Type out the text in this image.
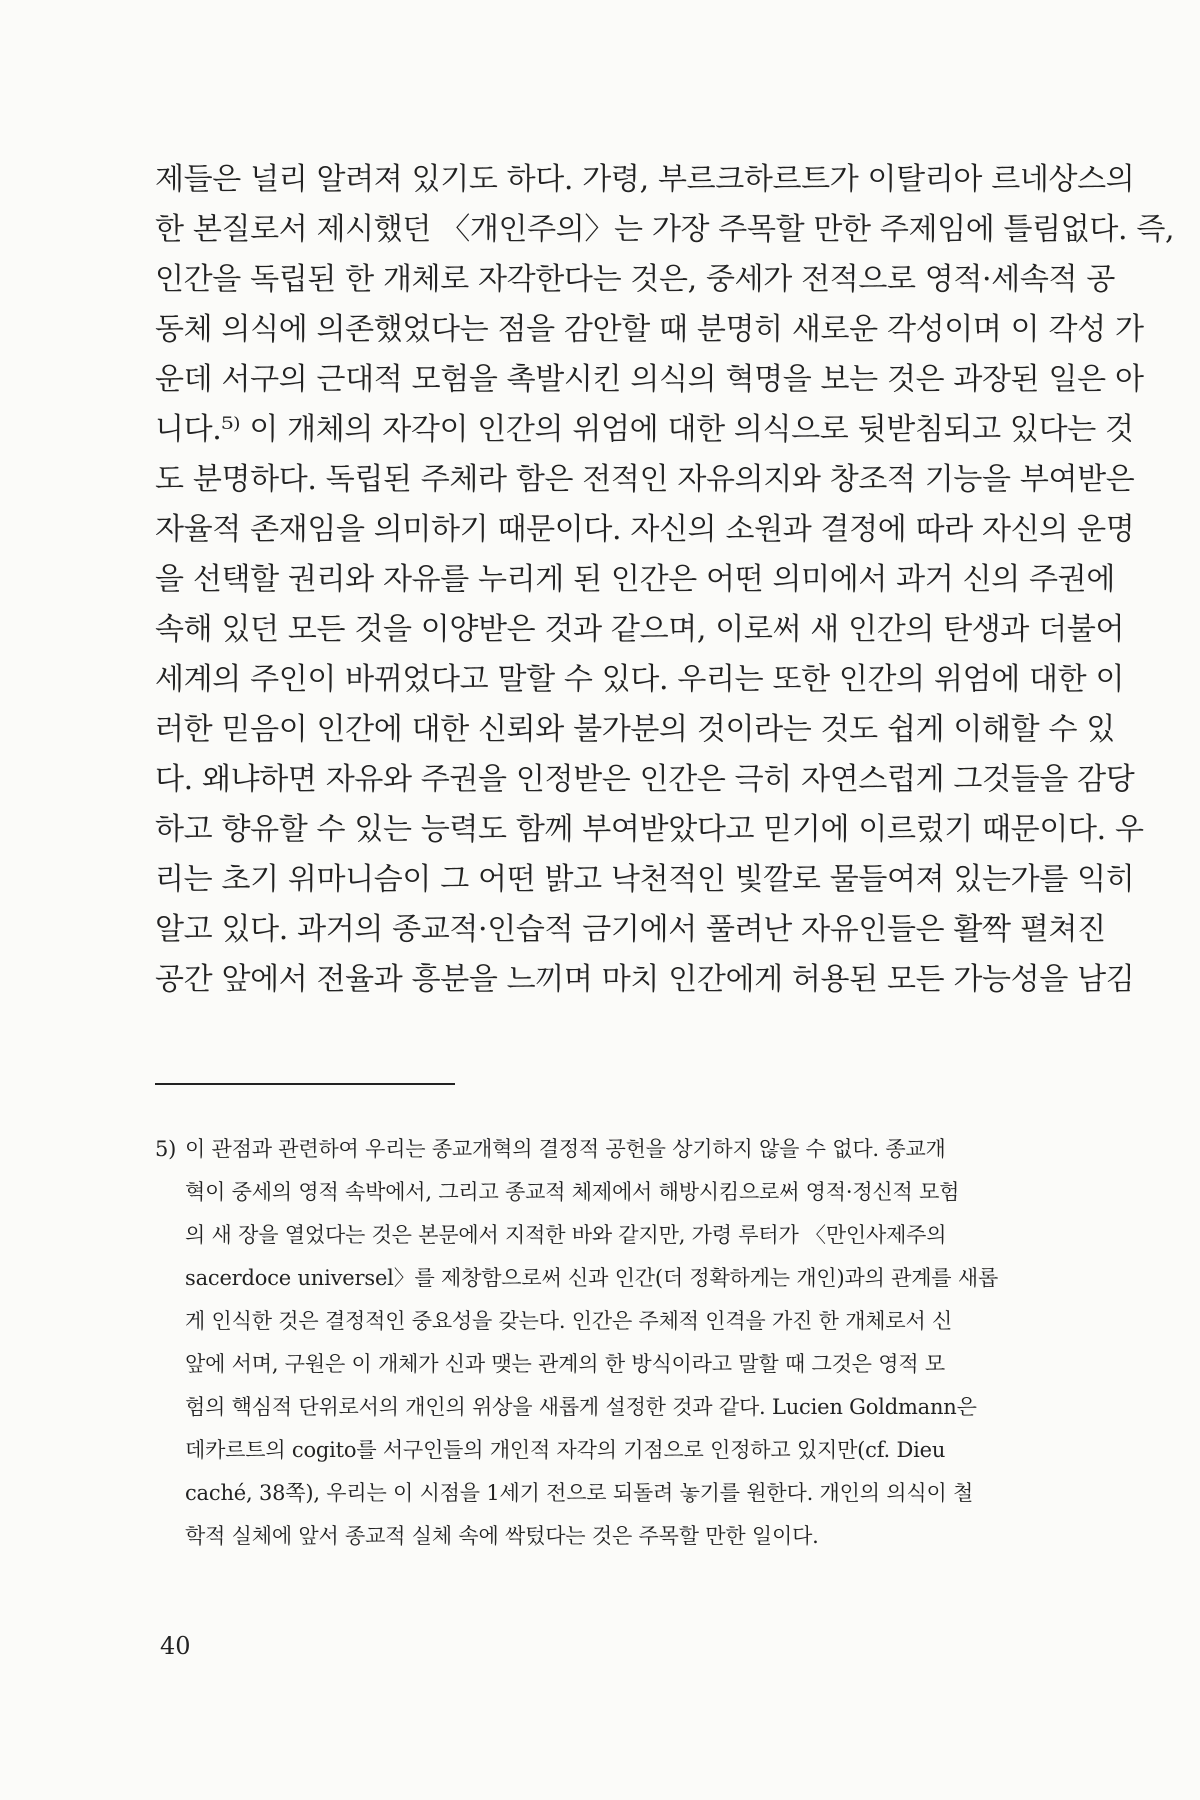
제들은 널리 알려져 있기도 하다. 가령, 부르크하르트가 이탈리아 르네상스의
한 본질로서 제시했던 〈개인주의〉는 가장 주목할 만한 주제임에 틀림없다. 즉,
인간을 독립된 한 개체로 자각한다는 것은, 중세가 전적으로 영적·세속적 공
동체 의식에 의존했었다는 점을 감안할 때 분명히 새로운 각성이며 이 각성 가
운데 서구의 근대적 모험을 촉발시킨 의식의 혁명을 보는 것은 과장된 일은 아
니다.⁵⁾ 이 개체의 자각이 인간의 위엄에 대한 의식으로 뒷받침되고 있다는 것
도 분명하다. 독립된 주체라 함은 전적인 자유의지와 창조적 기능을 부여받은
자율적 존재임을 의미하기 때문이다. 자신의 소원과 결정에 따라 자신의 운명
을 선택할 권리와 자유를 누리게 된 인간은 어떤 의미에서 과거 신의 주권에
속해 있던 모든 것을 이양받은 것과 같으며, 이로써 새 인간의 탄생과 더불어
세계의 주인이 바뀌었다고 말할 수 있다. 우리는 또한 인간의 위엄에 대한 이
러한 믿음이 인간에 대한 신뢰와 불가분의 것이라는 것도 쉽게 이해할 수 있
다. 왜냐하면 자유와 주권을 인정받은 인간은 극히 자연스럽게 그것들을 감당
하고 향유할 수 있는 능력도 함께 부여받았다고 믿기에 이르렀기 때문이다. 우
리는 초기 위마니슴이 그 어떤 밝고 낙천적인 빛깔로 물들여져 있는가를 익히
알고 있다. 과거의 종교적·인습적 금기에서 풀려난 자유인들은 활짝 펼쳐진
공간 앞에서 전율과 흥분을 느끼며 마치 인간에게 허용된 모든 가능성을 남김
5) 이 관점과 관련하여 우리는 종교개혁의 결정적 공헌을 상기하지 않을 수 없다. 종교개
혁이 중세의 영적 속박에서, 그리고 종교적 체제에서 해방시킴으로써 영적·정신적 모험
의 새 장을 열었다는 것은 본문에서 지적한 바와 같지만, 가령 루터가 〈만인사제주의
sacerdoce universel〉를 제창함으로써 신과 인간(더 정확하게는 개인)과의 관계를 새롭
게 인식한 것은 결정적인 중요성을 갖는다. 인간은 주체적 인격을 가진 한 개체로서 신
앞에 서며, 구원은 이 개체가 신과 맺는 관계의 한 방식이라고 말할 때 그것은 영적 모
험의 핵심적 단위로서의 개인의 위상을 새롭게 설정한 것과 같다. Lucien Goldmann은
데카르트의 cogito를 서구인들의 개인적 자각의 기점으로 인정하고 있지만(cf. Dieu
caché, 38쪽), 우리는 이 시점을 1세기 전으로 되돌려 놓기를 원한다. 개인의 의식이 철
학적 실체에 앞서 종교적 실체 속에 싹텄다는 것은 주목할 만한 일이다.
40
